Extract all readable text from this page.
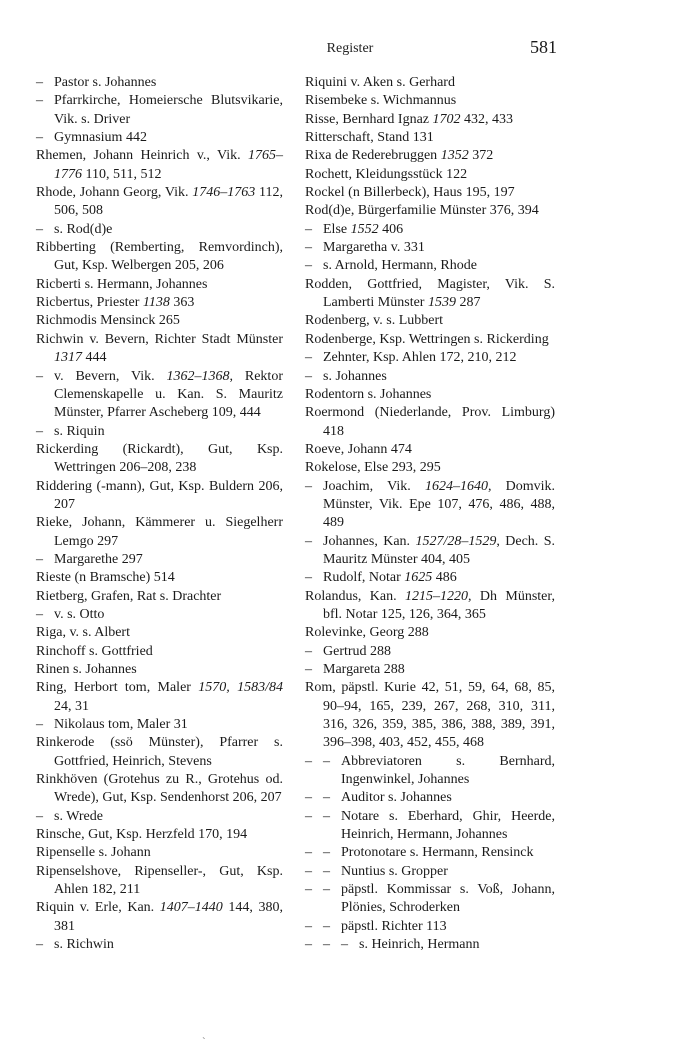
Register	581
– Pastor s. Johannes
– Pfarrkirche, Homeiersche Blutsvikarie, Vik. s. Driver
– Gymnasium 442
Rhemen, Johann Heinrich v., Vik. 1765–1776 110, 511, 512
Rhode, Johann Georg, Vik. 1746–1763 112, 506, 508
– s. Rod(d)e
Ribberting (Remberting, Remvordinch), Gut, Ksp. Welbergen 205, 206
Ricberti s. Hermann, Johannes
Ricbertus, Priester 1138 363
Richmodis Mensinck 265
Richwin v. Bevern, Richter Stadt Münster 1317 444
– v. Bevern, Vik. 1362–1368, Rektor Clemenskapelle u. Kan. S. Mauritz Münster, Pfarrer Ascheberg 109, 444
– s. Riquin
Rickerding (Rickardt), Gut, Ksp. Wettringen 206–208, 238
Riddering (-mann), Gut, Ksp. Buldern 206, 207
Rieke, Johann, Kämmerer u. Siegelherr Lemgo 297
– Margarethe 297
Rieste (n Bramsche) 514
Rietberg, Grafen, Rat s. Drachter
– v. s. Otto
Riga, v. s. Albert
Rinchoff s. Gottfried
Rinen s. Johannes
Ring, Herbort tom, Maler 1570, 1583/84 24, 31
– Nikolaus tom, Maler 31
Rinkerode (ssö Münster), Pfarrer s. Gottfried, Heinrich, Stevens
Rinkhöven (Grotehus zu R., Grotehus od. Wrede), Gut, Ksp. Sendenhorst 206, 207
– s. Wrede
Rinsche, Gut, Ksp. Herzfeld 170, 194
Ripenselle s. Johann
Ripenselshove, Ripenseller-, Gut, Ksp. Ahlen 182, 211
Riquin v. Erle, Kan. 1407–1440 144, 380, 381
– s. Richwin
Riquini v. Aken s. Gerhard
Risembeke s. Wichmannus
Risse, Bernhard Ignaz 1702 432, 433
Ritterschaft, Stand 131
Rixa de Rederebruggen 1352 372
Rochett, Kleidungsstück 122
Rockel (n Billerbeck), Haus 195, 197
Rod(d)e, Bürgerfamilie Münster 376, 394
– Else 1552 406
– Margaretha v. 331
– s. Arnold, Hermann, Rhode
Rodden, Gottfried, Magister, Vik. S. Lamberti Münster 1539 287
Rodenberg, v. s. Lubbert
Rodenberge, Ksp. Wettringen s. Rickerding
– Zehnter, Ksp. Ahlen 172, 210, 212
– s. Johannes
Rodentorn s. Johannes
Roermond (Niederlande, Prov. Limburg) 418
Roeve, Johann 474
Rokelose, Else 293, 295
– Joachim, Vik. 1624–1640, Domvik. Münster, Vik. Epe 107, 476, 486, 488, 489
– Johannes, Kan. 1527/28–1529, Dech. S. Mauritz Münster 404, 405
– Rudolf, Notar 1625 486
Rolandus, Kan. 1215–1220, Dh Münster, bfl. Notar 125, 126, 364, 365
Rolevinke, Georg 288
– Gertrud 288
– Margareta 288
Rom, päpstl. Kurie 42, 51, 59, 64, 68, 85, 90–94, 165, 239, 267, 268, 310, 311, 316, 326, 359, 385, 386, 388, 389, 391, 396–398, 403, 452, 455, 468
– – Abbreviatoren s. Bernhard, Ingenwinkel, Johannes
– – Auditor s. Johannes
– – Notare s. Eberhard, Ghir, Heerde, Heinrich, Hermann, Johannes
– – Protonotare s. Hermann, Rensinck
– – Nuntius s. Gropper
– – päpstl. Kommissar s. Voß, Johann, Plönies, Schroderken
– – päpstl. Richter 113
– – – s. Heinrich, Hermann
`
